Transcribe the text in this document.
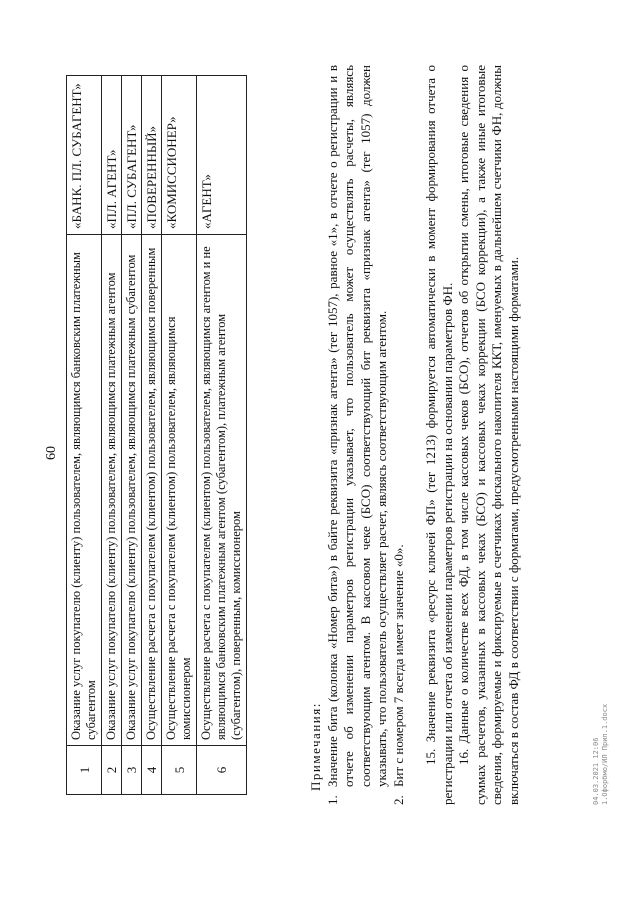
60
1	Оказание услуг покупателю (клиенту) пользователем, являющимся банковским платежным субагентом	«БАНК. ПЛ. СУБАГЕНТ»
2	Оказание услуг покупателю (клиенту) пользователем, являющимся платежным агентом	«ПЛ. АГЕНТ»
3	Оказание услуг покупателю (клиенту) пользователем, являющимся платежным субагентом	«ПЛ. СУБАГЕНТ»
4	Осуществление расчета с покупателем (клиентом) пользователем, являющимся поверенным	«ПОВЕРЕННЫЙ»
5	Осуществление расчета с покупателем (клиентом) пользователем, являющимся комиссионером	«КОМИССИОНЕР»
6	Осуществление расчета с покупателем (клиентом) пользователем, являющимся агентом и не являющимся банковским платежным агентом (субагентом), платежным агентом (субагентом), поверенным, комиссионером	«АГЕНТ»

Примечания:

1.
Значение бита (колонка «Номер бита») в байте реквизита «признак агента» (тег 1057), равное «1», в отчете о регистрации и в отчете об изменении параметров регистрации указывает, что пользователь может осуществлять расчеты, являясь соответствующим агентом. В кассовом чеке (БСО) соответствующий бит реквизита «признак агента» (тег 1057) должен указывать, что пользователь осуществляет расчет, являясь соответствующим агентом.
2.
Бит с номером 7 всегда имеет значение «0». 15. Значение реквизита «ресурс ключей ФП» (тег 1213) формируется автоматически в момент формирования отчета о регистрации или отчета об изменении параметров регистрации на основании параметров ФН. 16. Данные о количестве всех ФД, в том числе кассовых чеков (БСО), отчетов об открытии смены, итоговые сведения о суммах расчетов, указанных в кассовых чеках (БСО) и кассовых чеках коррекции (БСО коррекции), а также иные итоговые сведения, формируемые и фиксируемые в счетчиках фискального накопителя ККТ, именуемых в дальнейшем счетчики ФН, должны включаться в состав ФД в соответствии с форматами, предусмотренными настоящими форматами.	04.03.2021 12:06 1.Офорбмо/ИЛ Прил.1.docx
